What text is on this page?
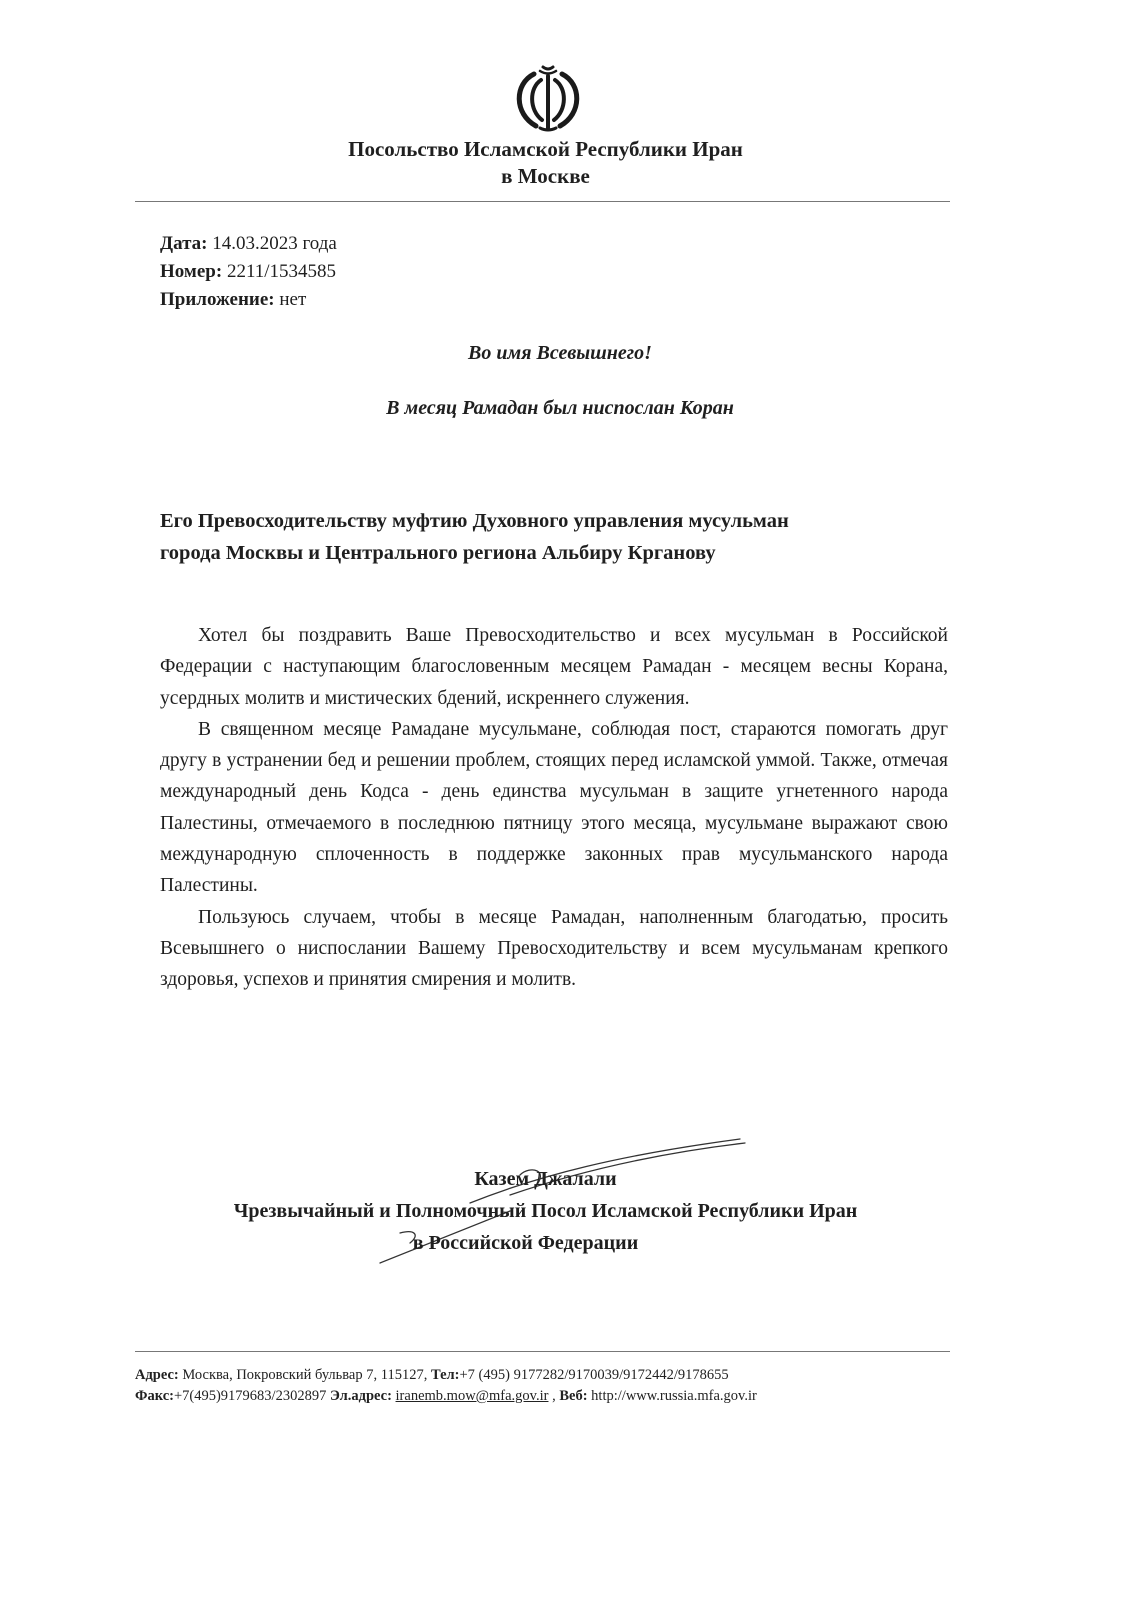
Посольство Исламской Республики Иран
в Москве
Дата: 14.03.2023 года
Номер: 2211/1534585
Приложение: нет
Во имя Всевышнего!
В месяц Рамадан был ниспослан Коран
Его Превосходительству муфтию Духовного управления мусульман
города Москвы и Центрального региона Альбиру Крганову

Хотел бы поздравить Ваше Превосходительство и всех мусульман в Российской Федерации с наступающим благословенным месяцем Рамадан - месяцем весны Корана, усердных молитв и мистических бдений, искреннего служения.

В священном месяце Рамадане мусульмане, соблюдая пост, стараются помогать друг другу в устранении бед и решении проблем, стоящих перед исламской уммой. Также, отмечая международный день Кодса - день единства мусульман в защите угнетенного народа Палестины, отмечаемого в последнюю пятницу этого месяца, мусульмане выражают свою международную сплоченность в поддержке законных прав мусульманского народа Палестины.

Пользуюсь случаем, чтобы в месяце Рамадан, наполненным благодатью, просить Всевышнего о ниспослании Вашему Превосходительству и всем мусульманам крепкого здоровья, успехов и принятия смирения и молитв.

Казем Джалали
Чрезвычайный и Полномочный Посол Исламской Республики Иран
в Российской Федерации
Адрес: Москва, Покровский бульвар 7, 115127, Тел:+7 (495) 9177282/9170039/9172442/9178655
Факс:+7(495)9179683/2302897 Эл.адрес: iranemb.mow@mfa.gov.ir , Веб: http://www.russia.mfa.gov.ir
